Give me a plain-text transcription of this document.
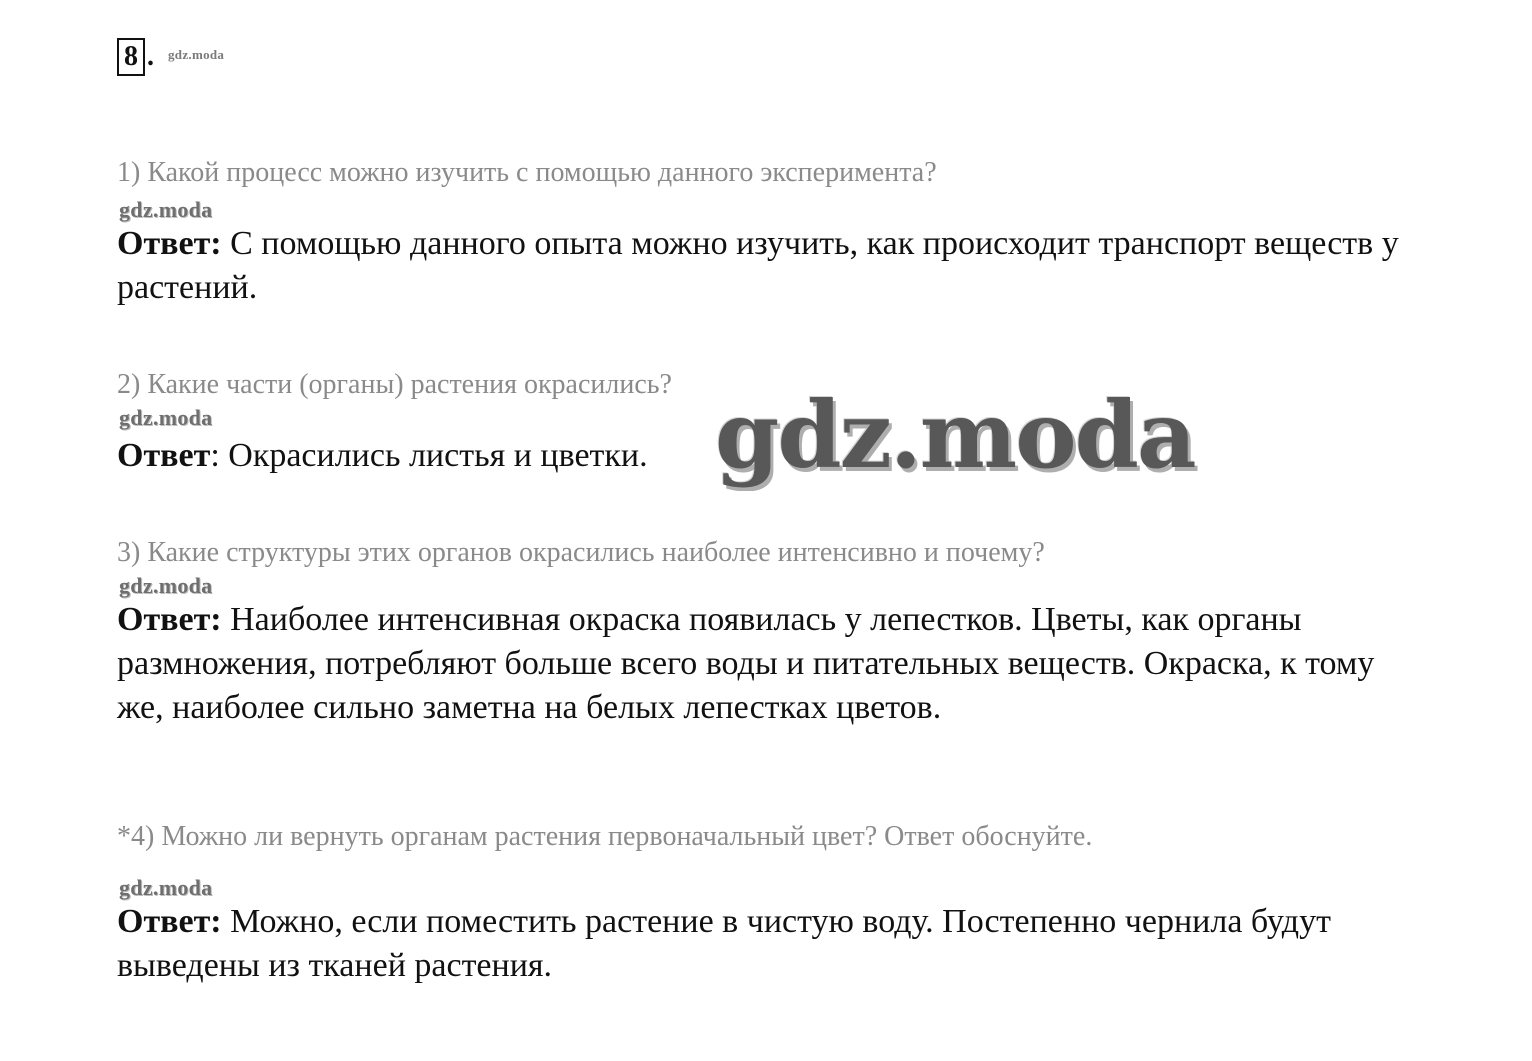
8 . gdz.moda
1) Какой процесс можно изучить с помощью данного эксперимента?
gdz.moda
Ответ: С помощью данного опыта можно изучить, как происходит транспорт веществ у растений.
2) Какие части (органы) растения окрасились?
gdz.moda
Ответ: Окрасились листья и цветки.
3) Какие структуры этих органов окрасились наиболее интенсивно и почему?
gdz.moda
Ответ: Наиболее интенсивная окраска появилась у лепестков. Цветы, как органы размножения, потребляют больше всего воды и питательных веществ. Окраска, к тому же, наиболее сильно заметна на белых лепестках цветов.
*4) Можно ли вернуть органам растения первоначальный цвет? Ответ обоснуйте.
gdz.moda
Ответ: Можно, если поместить растение в чистую воду. Постепенно чернила будут выведены из тканей растения.
gdz.moda
